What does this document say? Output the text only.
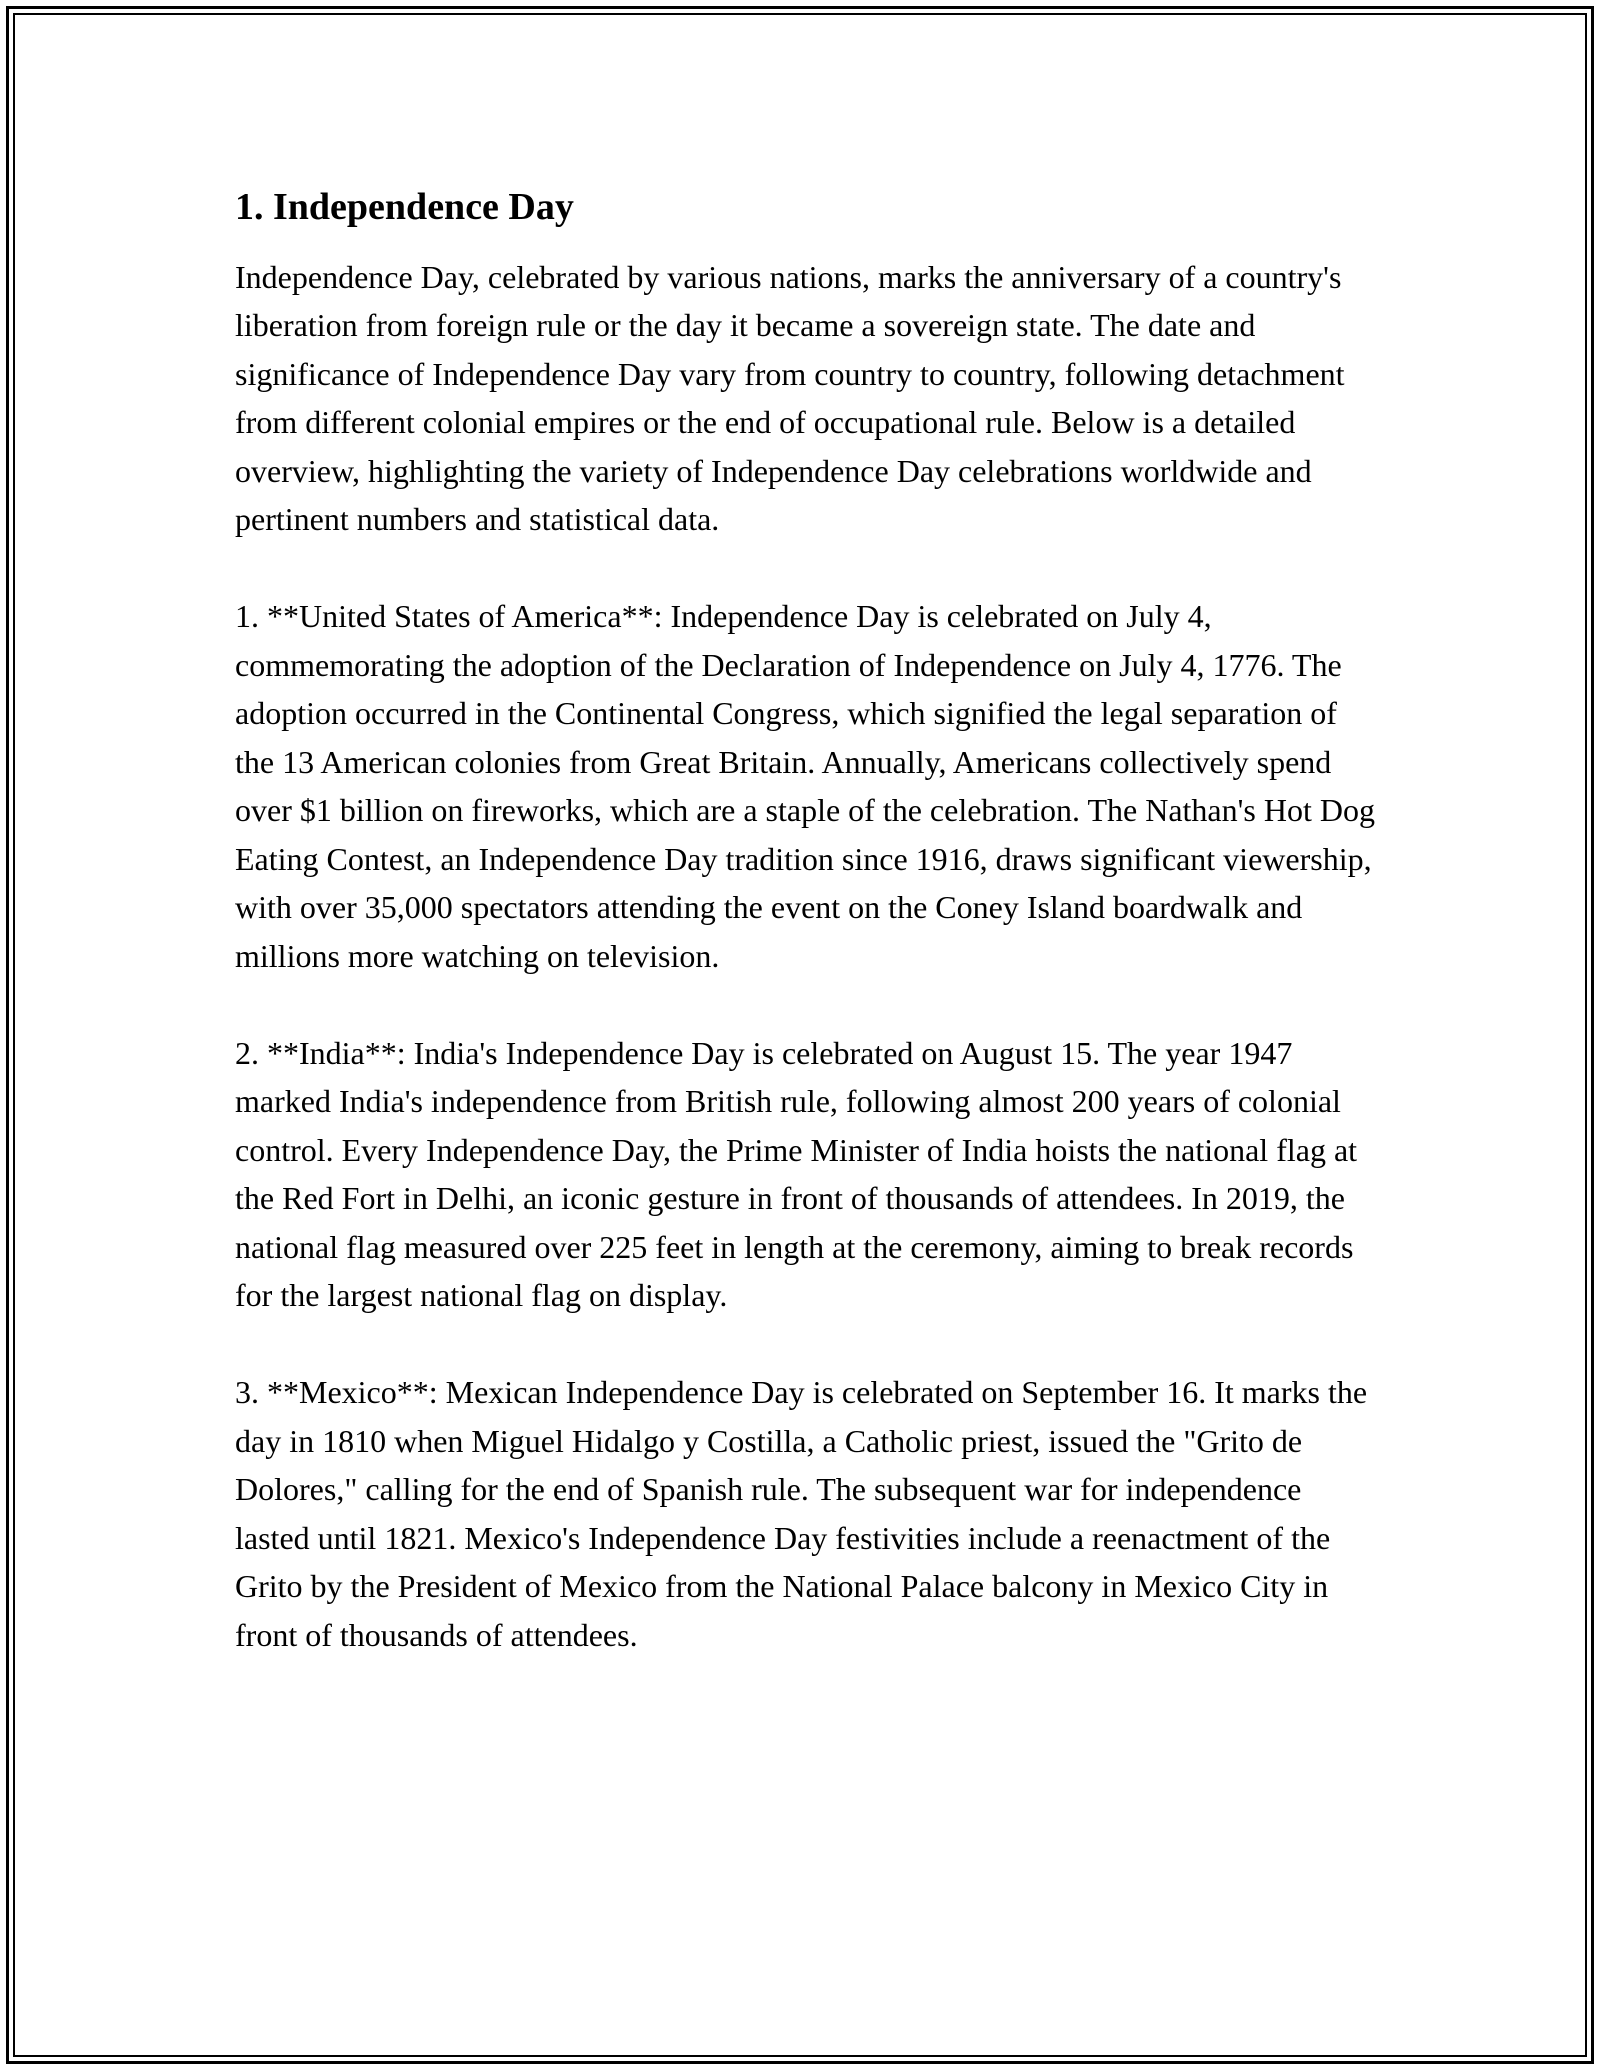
1. Independence Day

Independence Day, celebrated by various nations, marks the anniversary of a country's liberation from foreign rule or the day it became a sovereign state. The date and significance of Independence Day vary from country to country, following detachment from different colonial empires or the end of occupational rule. Below is a detailed overview, highlighting the variety of Independence Day celebrations worldwide and pertinent numbers and statistical data.

1. **United States of America**: Independence Day is celebrated on July 4, commemorating the adoption of the Declaration of Independence on July 4, 1776. The adoption occurred in the Continental Congress, which signified the legal separation of the 13 American colonies from Great Britain. Annually, Americans collectively spend over $1 billion on fireworks, which are a staple of the celebration. The Nathan's Hot Dog Eating Contest, an Independence Day tradition since 1916, draws significant viewership, with over 35,000 spectators attending the event on the Coney Island boardwalk and millions more watching on television.

2. **India**: India's Independence Day is celebrated on August 15. The year 1947 marked India's independence from British rule, following almost 200 years of colonial control. Every Independence Day, the Prime Minister of India hoists the national flag at the Red Fort in Delhi, an iconic gesture in front of thousands of attendees. In 2019, the national flag measured over 225 feet in length at the ceremony, aiming to break records for the largest national flag on display.

3. **Mexico**: Mexican Independence Day is celebrated on September 16. It marks the day in 1810 when Miguel Hidalgo y Costilla, a Catholic priest, issued the "Grito de Dolores," calling for the end of Spanish rule. The subsequent war for independence lasted until 1821. Mexico's Independence Day festivities include a reenactment of the Grito by the President of Mexico from the National Palace balcony in Mexico City in front of thousands of attendees.
